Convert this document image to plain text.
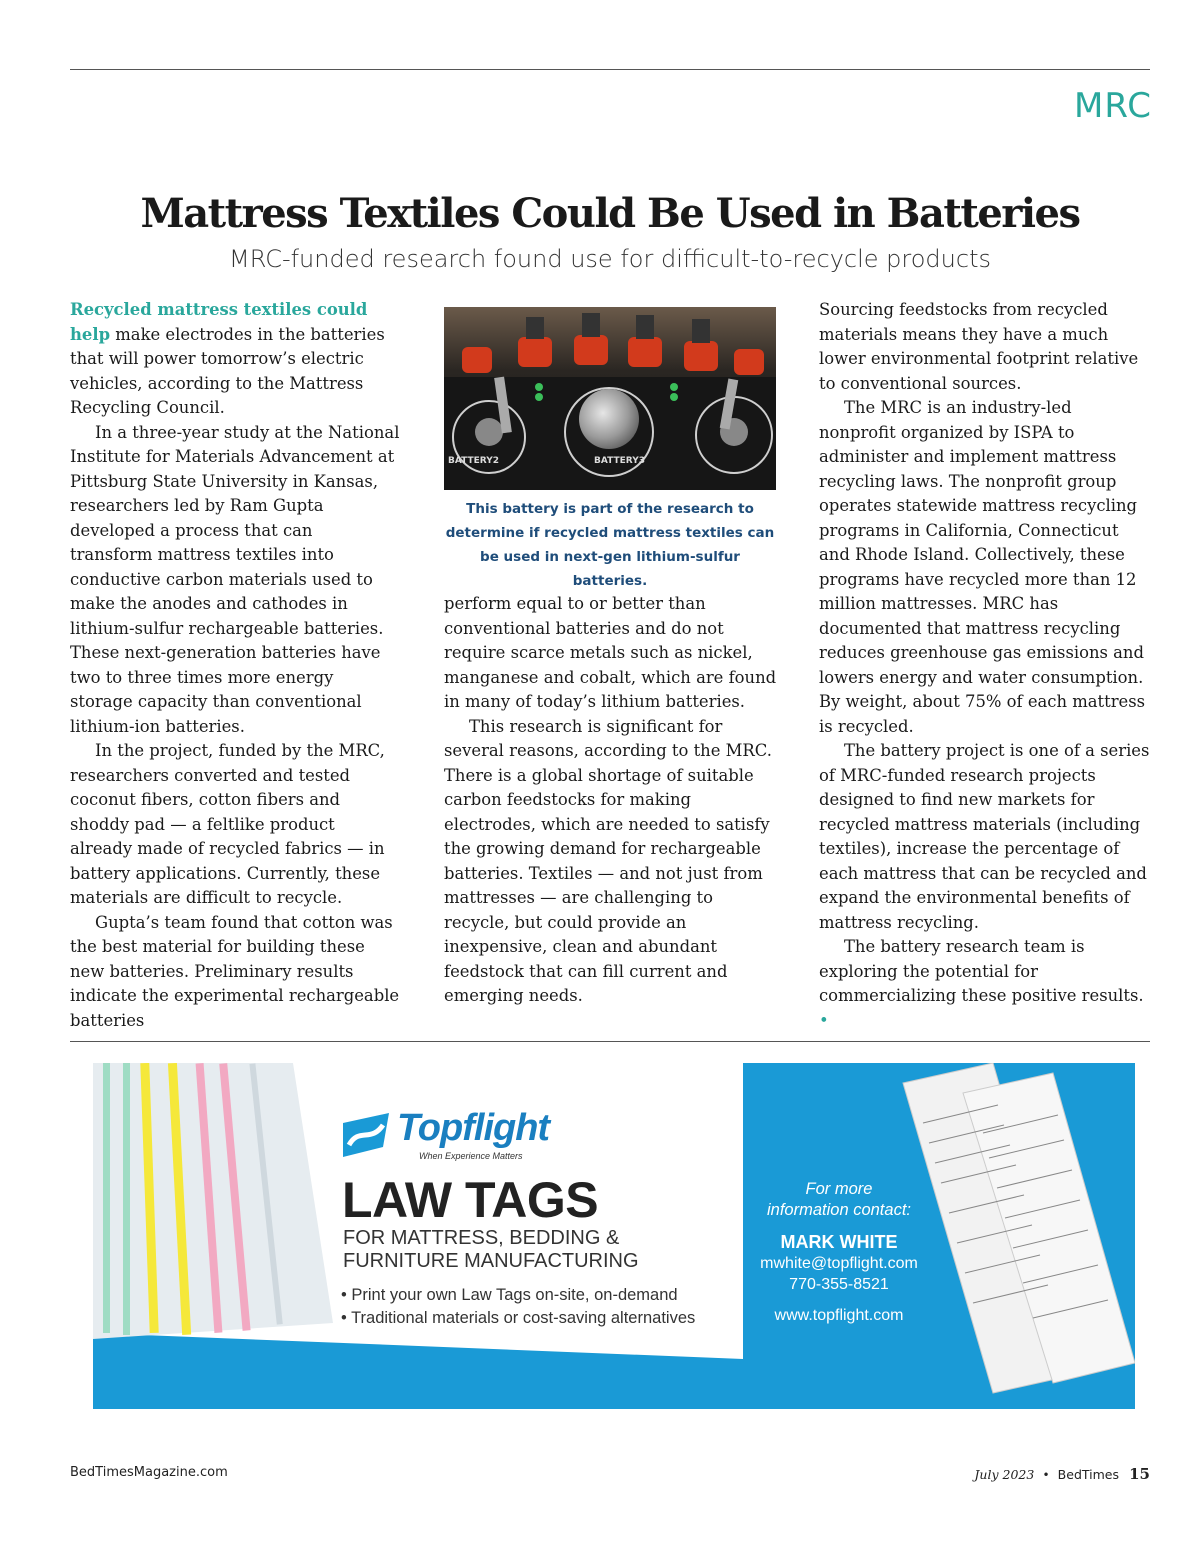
MRC
Mattress Textiles Could Be Used in Batteries
MRC-funded research found use for difficult-to-recycle products

Recycled mattress textiles could help make electrodes in the batteries that will power tomorrow’s electric vehicles, according to the Mattress Recycling Council.

In a three-year study at the National Institute for Materials Advancement at Pittsburg State University in Kansas, researchers led by Ram Gupta developed a process that can transform mattress textiles into conductive carbon materials used to make the anodes and cathodes in lithium-sulfur rechargeable batteries. These next-generation batteries have two to three times more energy storage capacity than conventional lithium-ion batteries.

In the project, funded by the MRC, researchers converted and tested coconut fibers, cotton fibers and shoddy pad — a feltlike product already made of recycled fabrics — in battery applications. Currently, these materials are difficult to recycle.

Gupta’s team found that cotton was the best material for building these new batteries. Preliminary results indicate the experimental rechargeable batteries

BATTERY2	BATTERY3
This battery is part of the research to determine if recycled mattress textiles can be used in next-gen lithium-sulfur batteries.

perform equal to or better than conventional batteries and do not require scarce metals such as nickel, manganese and cobalt, which are found in many of today’s lithium batteries.

This research is significant for several reasons, according to the MRC. There is a global shortage of suitable carbon feedstocks for making electrodes, which are needed to satisfy the growing demand for rechargeable batteries. Textiles — and not just from mattresses — are challenging to recycle, but could provide an inexpensive, clean and abundant feedstock that can fill current and emerging needs.

Sourcing feedstocks from recycled materials means they have a much lower environmental footprint relative to conventional sources.

The MRC is an industry-led nonprofit organized by ISPA to administer and implement mattress recycling laws. The nonprofit group operates statewide mattress recycling programs in California, Connecticut and Rhode Island. Collectively, these programs have recycled more than 12 million mattresses. MRC has documented that mattress recycling reduces greenhouse gas emissions and lowers energy and water consumption. By weight, about 75% of each mattress is recycled.

The battery project is one of a series of MRC-funded research projects designed to find new markets for recycled mattress materials (including textiles), increase the percentage of each mattress that can be recycled and expand the environmental benefits of mattress recycling.

The battery research team is exploring the potential for commercializing these positive results. •

Topflight
When Experience Matters
LAW TAGS
FOR MATTRESS, BEDDING &
FURNITURE MANUFACTURING
• Print your own Law Tags on-site, on-demand
• Traditional materials or cost-saving alternatives
For more
information contact:
MARK WHITE
mwhite@topflight.com
770-355-8521
www.topflight.com
BedTimesMagazine.com	July 2023 • BedTimes 15
